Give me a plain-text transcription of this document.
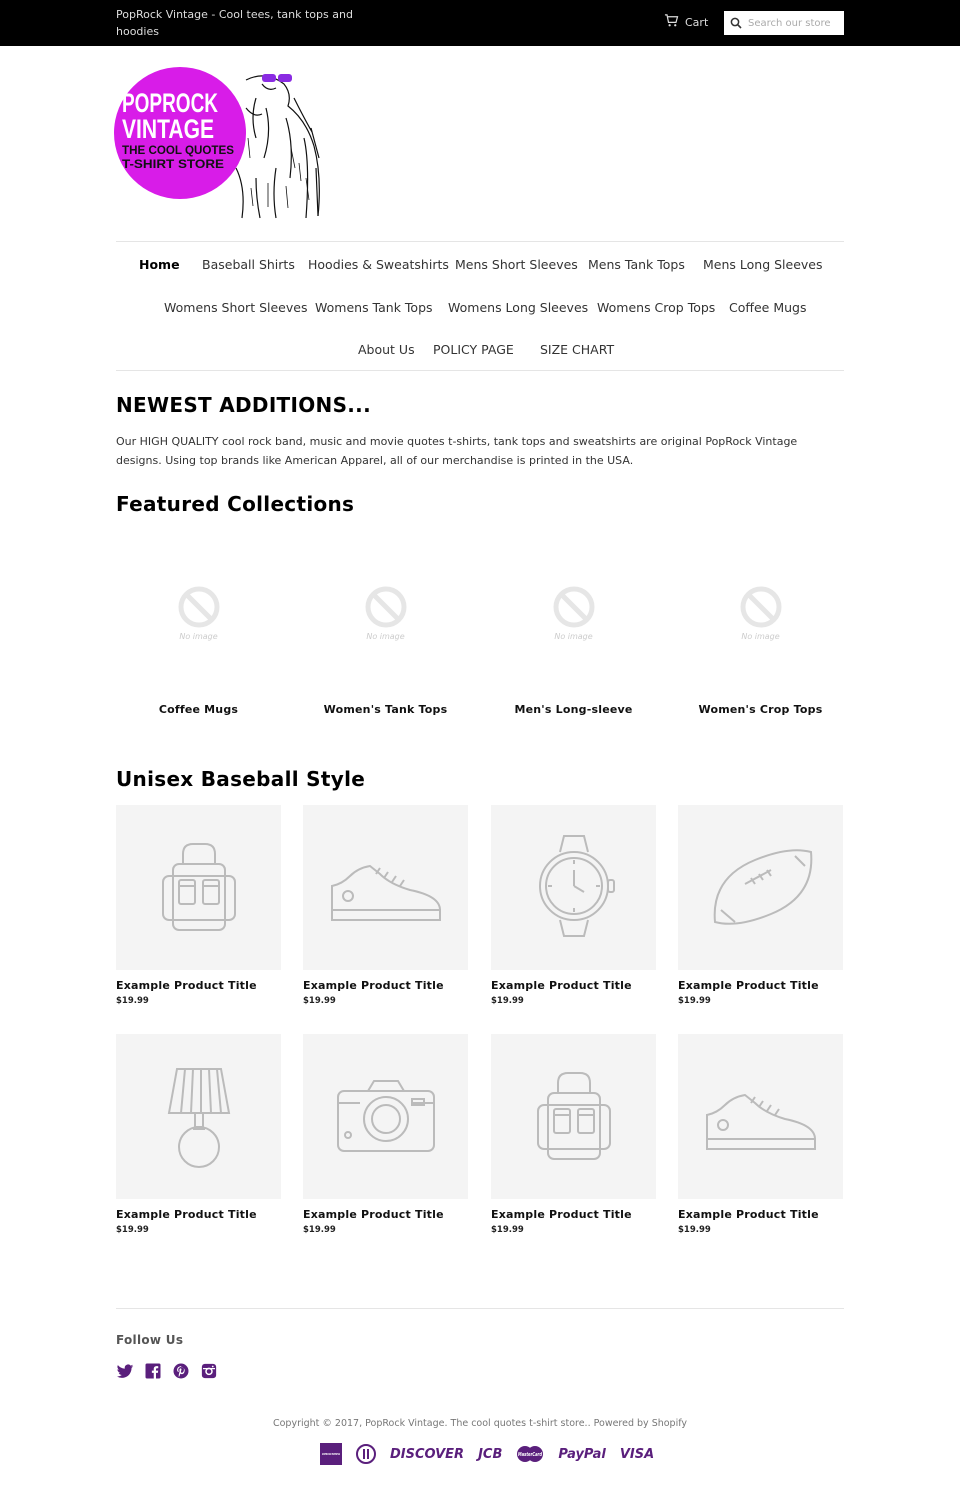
PopRock Vintage - Cool tees, tank tops and hoodies
Cart
Search our store
POPROCK
VINTAGE
THE COOL QUOTES
T-SHIRT STORE
Home Baseball Shirts Hoodies & Sweatshirts Mens Short Sleeves Mens Tank Tops Mens Long Sleeves
Womens Short Sleeves Womens Tank Tops Womens Long Sleeves Womens Crop Tops Coffee Mugs
About Us POLICY PAGE SIZE CHART
NEWEST ADDITIONS...
Our HIGH QUALITY cool rock band, music and movie quotes t-shirts, tank tops and sweatshirts are original PopRock Vintage designs. Using top brands like American Apparel, all of our merchandise is printed in the USA.
Featured Collections
No image
Coffee Mugs
No image
Women's Tank Tops
No image
Men's Long-sleeve
No image
Women's Crop Tops
Unisex Baseball Style
Example Product Title
$19.99
Example Product Title
$19.99
Example Product Title
$19.99
Example Product Title
$19.99
Example Product Title
$19.99
Example Product Title
$19.99
Example Product Title
$19.99
Example Product Title
$19.99
Follow Us
Copyright © 2017, PopRock Vintage. The cool quotes t-shirt store.. Powered by Shopify
AMERICAN EXPRESS	DISCOVER JCB	MasterCard PayPal VISA
